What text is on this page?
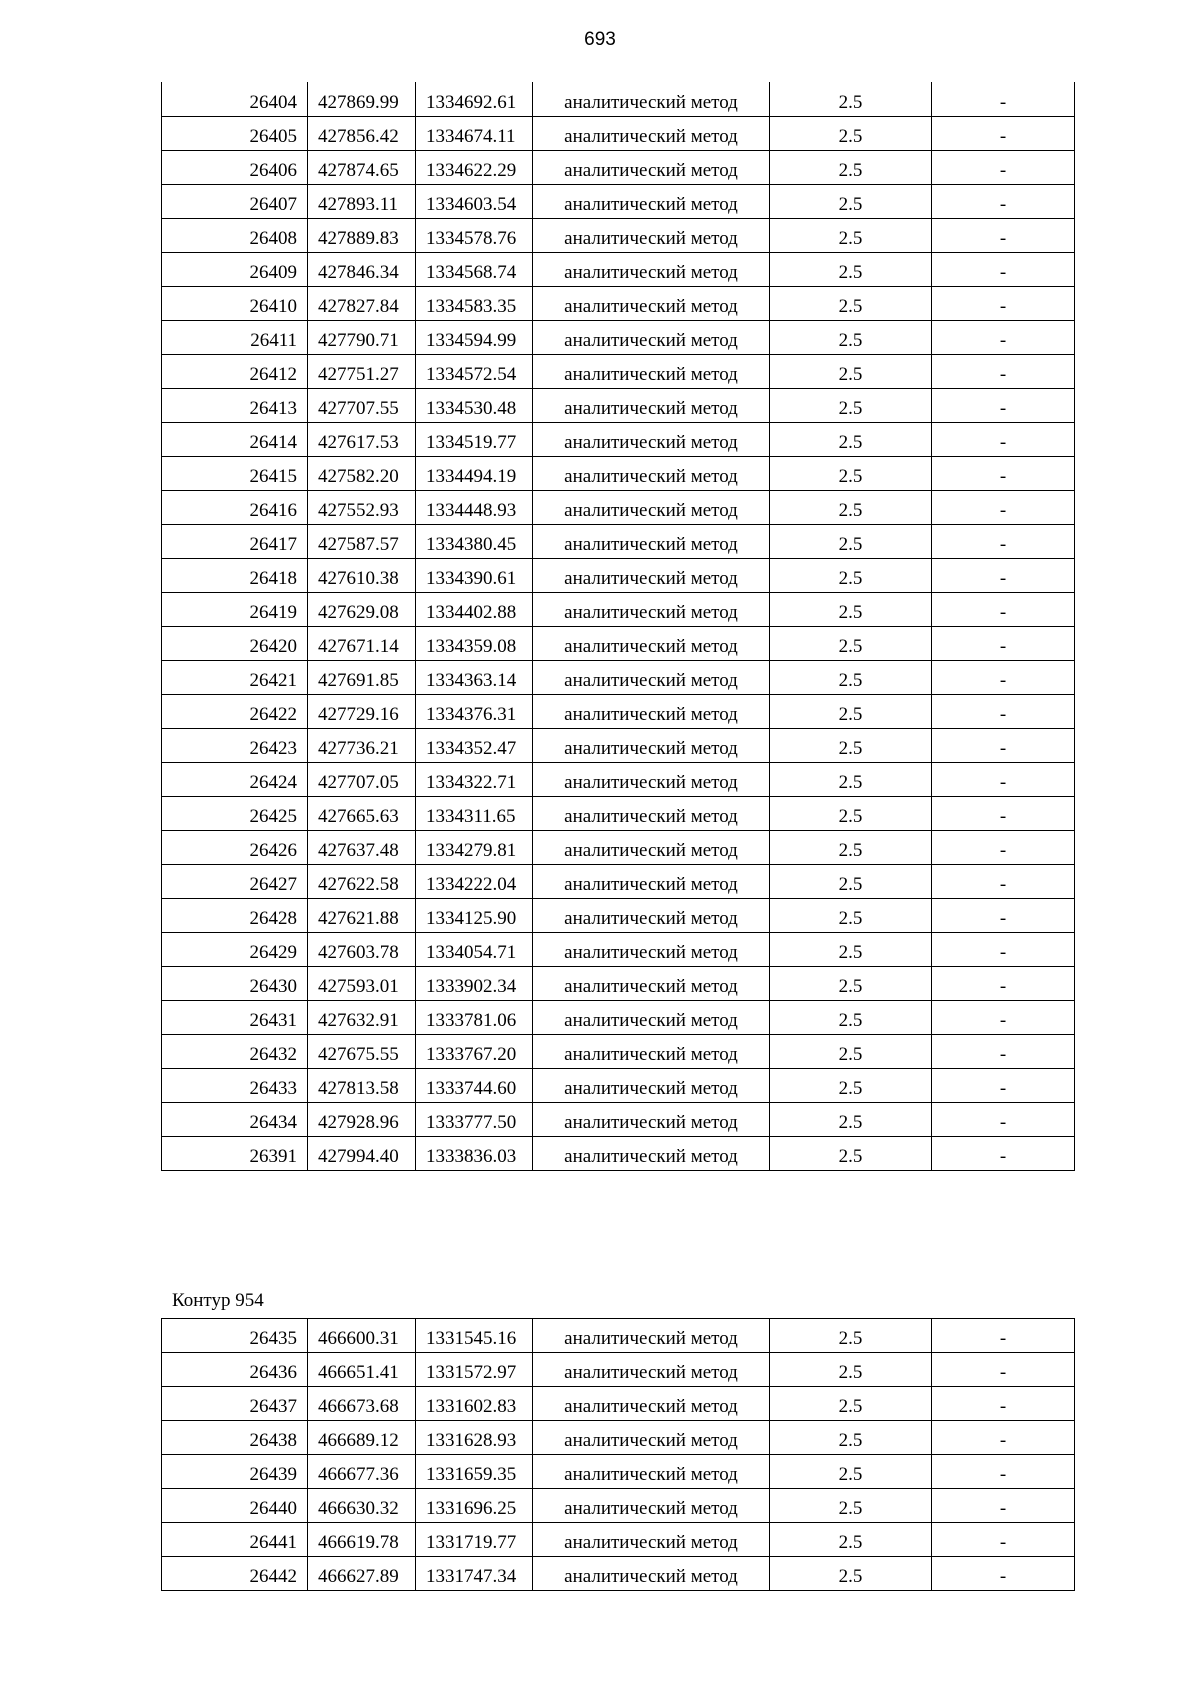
693
26404	427869.99	1334692.61	аналитический метод	2.5	-
26405	427856.42	1334674.11	аналитический метод	2.5	-
26406	427874.65	1334622.29	аналитический метод	2.5	-
26407	427893.11	1334603.54	аналитический метод	2.5	-
26408	427889.83	1334578.76	аналитический метод	2.5	-
26409	427846.34	1334568.74	аналитический метод	2.5	-
26410	427827.84	1334583.35	аналитический метод	2.5	-
26411	427790.71	1334594.99	аналитический метод	2.5	-
26412	427751.27	1334572.54	аналитический метод	2.5	-
26413	427707.55	1334530.48	аналитический метод	2.5	-
26414	427617.53	1334519.77	аналитический метод	2.5	-
26415	427582.20	1334494.19	аналитический метод	2.5	-
26416	427552.93	1334448.93	аналитический метод	2.5	-
26417	427587.57	1334380.45	аналитический метод	2.5	-
26418	427610.38	1334390.61	аналитический метод	2.5	-
26419	427629.08	1334402.88	аналитический метод	2.5	-
26420	427671.14	1334359.08	аналитический метод	2.5	-
26421	427691.85	1334363.14	аналитический метод	2.5	-
26422	427729.16	1334376.31	аналитический метод	2.5	-
26423	427736.21	1334352.47	аналитический метод	2.5	-
26424	427707.05	1334322.71	аналитический метод	2.5	-
26425	427665.63	1334311.65	аналитический метод	2.5	-
26426	427637.48	1334279.81	аналитический метод	2.5	-
26427	427622.58	1334222.04	аналитический метод	2.5	-
26428	427621.88	1334125.90	аналитический метод	2.5	-
26429	427603.78	1334054.71	аналитический метод	2.5	-
26430	427593.01	1333902.34	аналитический метод	2.5	-
26431	427632.91	1333781.06	аналитический метод	2.5	-
26432	427675.55	1333767.20	аналитический метод	2.5	-
26433	427813.58	1333744.60	аналитический метод	2.5	-
26434	427928.96	1333777.50	аналитический метод	2.5	-
26391	427994.40	1333836.03	аналитический метод	2.5	-
Контур 954
26435	466600.31	1331545.16	аналитический метод	2.5	-
26436	466651.41	1331572.97	аналитический метод	2.5	-
26437	466673.68	1331602.83	аналитический метод	2.5	-
26438	466689.12	1331628.93	аналитический метод	2.5	-
26439	466677.36	1331659.35	аналитический метод	2.5	-
26440	466630.32	1331696.25	аналитический метод	2.5	-
26441	466619.78	1331719.77	аналитический метод	2.5	-
26442	466627.89	1331747.34	аналитический метод	2.5	-
